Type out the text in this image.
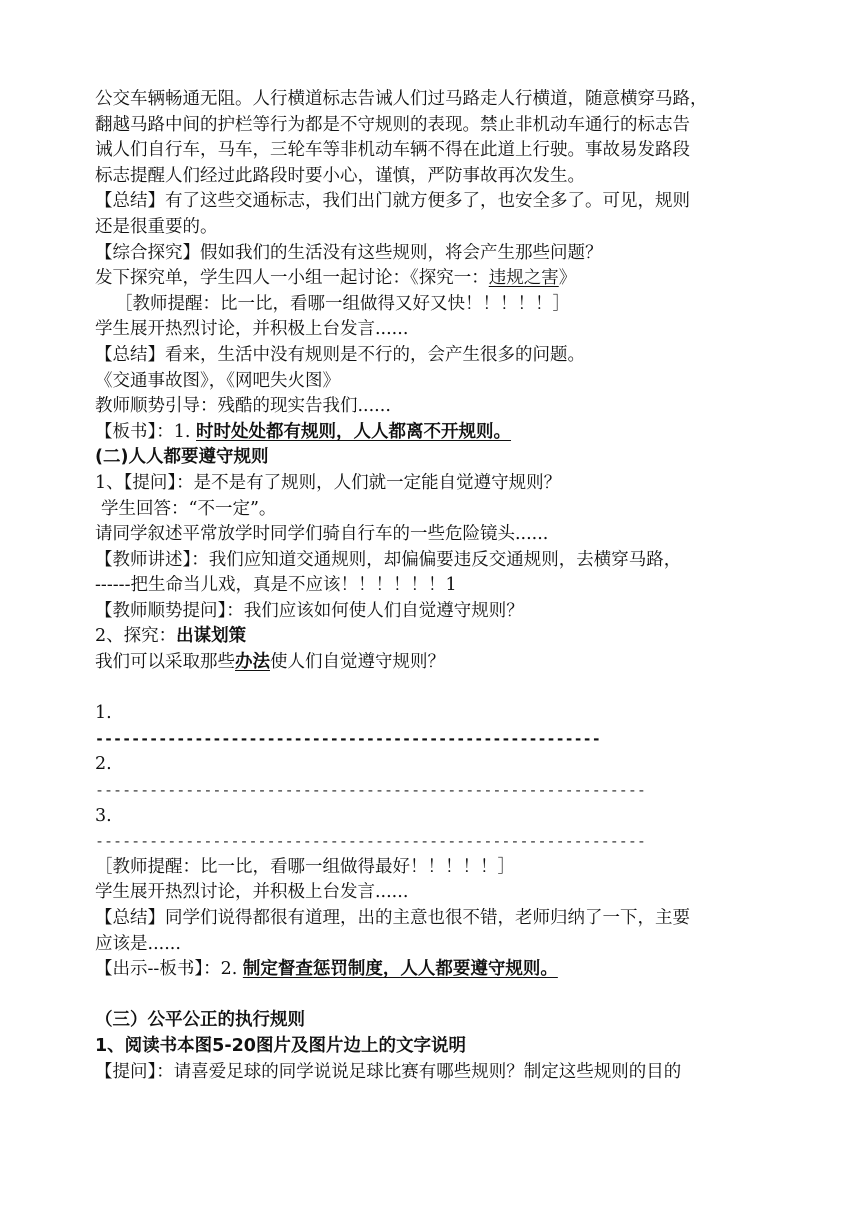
公交车辆畅通无阻。人行横道标志告诫人们过马路走人行横道，随意横穿马路，
翻越马路中间的护栏等行为都是不守规则的表现。禁止非机动车通行的标志告
诫人们自行车，马车，三轮车等非机动车辆不得在此道上行驶。事故易发路段
标志提醒人们经过此路段时要小心，谨慎，严防事故再次发生。
【总结】有了这些交通标志，我们出门就方便多了，也安全多了。可见，规则
还是很重要的。
【综合探究】假如我们的生活没有这些规则，将会产生那些问题？
发下探究单，学生四人一小组一起讨论：《探究一：违规之害》
［教师提醒：比一比，看哪一组做得又好又快！！！！！］
学生展开热烈讨论，并积极上台发言......
【总结】看来，生活中没有规则是不行的，会产生很多的问题。
《交通事故图》，《网吧失火图》
教师顺势引导：残酷的现实告我们......
【板书】：1. 时时处处都有规则，人人都离不开规则。
(二)人人都要遵守规则
1、【提问】：是不是有了规则，人们就一定能自觉遵守规则？
学生回答：“不一定”。
请同学叙述平常放学时同学们骑自行车的一些危险镜头......
【教师讲述】：我们应知道交通规则，却偏偏要违反交通规则，去横穿马路，
------把生命当儿戏，真是不应该！！！！！！1
【教师顺势提问】：我们应该如何使人们自觉遵守规则？
2、探究：出谋划策
我们可以采取那些办法使人们自觉遵守规则？
1.
--------------------------------------------------------
2.
-------------------------------------------------------------
3.
-------------------------------------------------------------
［教师提醒：比一比，看哪一组做得最好！！！！！］
学生展开热烈讨论，并积极上台发言......
【总结】同学们说得都很有道理，出的主意也很不错，老师归纳了一下，主要
应该是......
【出示--板书】：2. 制定督查惩罚制度，人人都要遵守规则。
（三）公平公正的执行规则
1、阅读书本图5-20图片及图片边上的文字说明
【提问】：请喜爱足球的同学说说足球比赛有哪些规则？制定这些规则的目的
